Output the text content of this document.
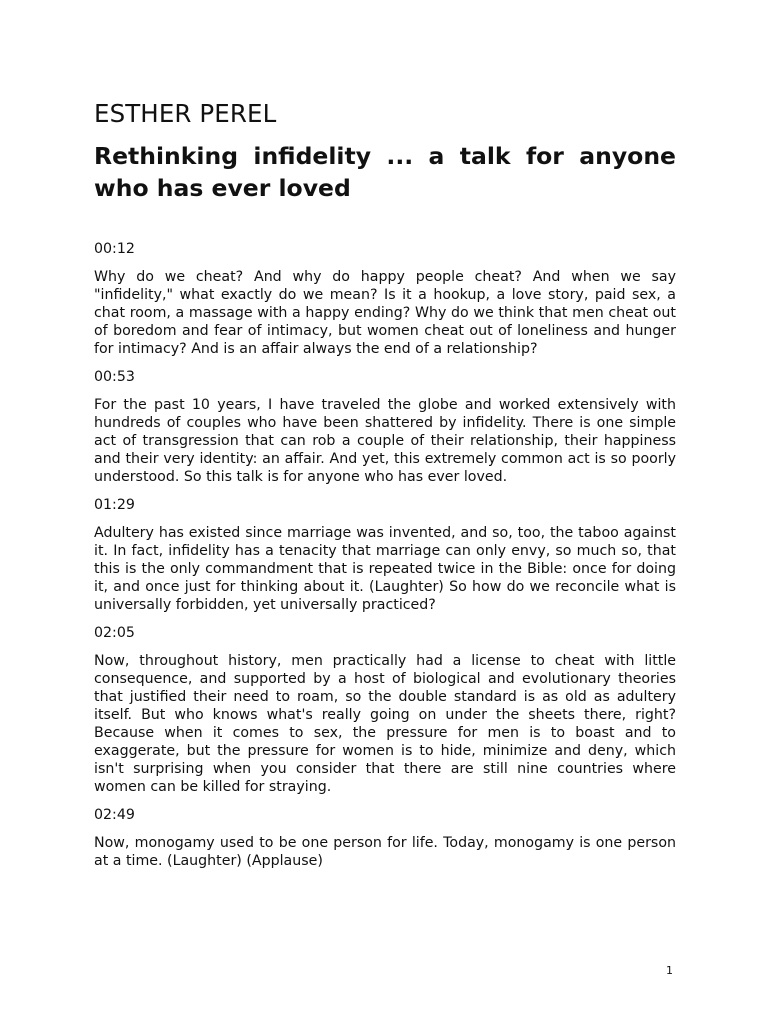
ESTHER PEREL
Rethinking infidelity ... a talk for anyone who has ever loved
00:12
Why do we cheat? And why do happy people cheat? And when we say "infidelity," what exactly do we mean? Is it a hookup, a love story, paid sex, a chat room, a massage with a happy ending? Why do we think that men cheat out of boredom and fear of intimacy, but women cheat out of loneliness and hunger for intimacy? And is an affair always the end of a relationship?
00:53
For the past 10 years, I have traveled the globe and worked extensively with hundreds of couples who have been shattered by infidelity. There is one simple act of transgression that can rob a couple of their relationship, their happiness and their very identity: an affair. And yet, this extremely common act is so poorly understood. So this talk is for anyone who has ever loved.
01:29
Adultery has existed since marriage was invented, and so, too, the taboo against it. In fact, infidelity has a tenacity that marriage can only envy, so much so, that this is the only commandment that is repeated twice in the Bible: once for doing it, and once just for thinking about it. (Laughter) So how do we reconcile what is universally forbidden, yet universally practiced?
02:05
Now, throughout history, men practically had a license to cheat with little consequence, and supported by a host of biological and evolutionary theories that justified their need to roam, so the double standard is as old as adultery itself. But who knows what's really going on under the sheets there, right? Because when it comes to sex, the pressure for men is to boast and to exaggerate, but the pressure for women is to hide, minimize and deny, which isn't surprising when you consider that there are still nine countries where women can be killed for straying.
02:49
Now, monogamy used to be one person for life. Today, monogamy is one person at a time. (Laughter) (Applause)
1
